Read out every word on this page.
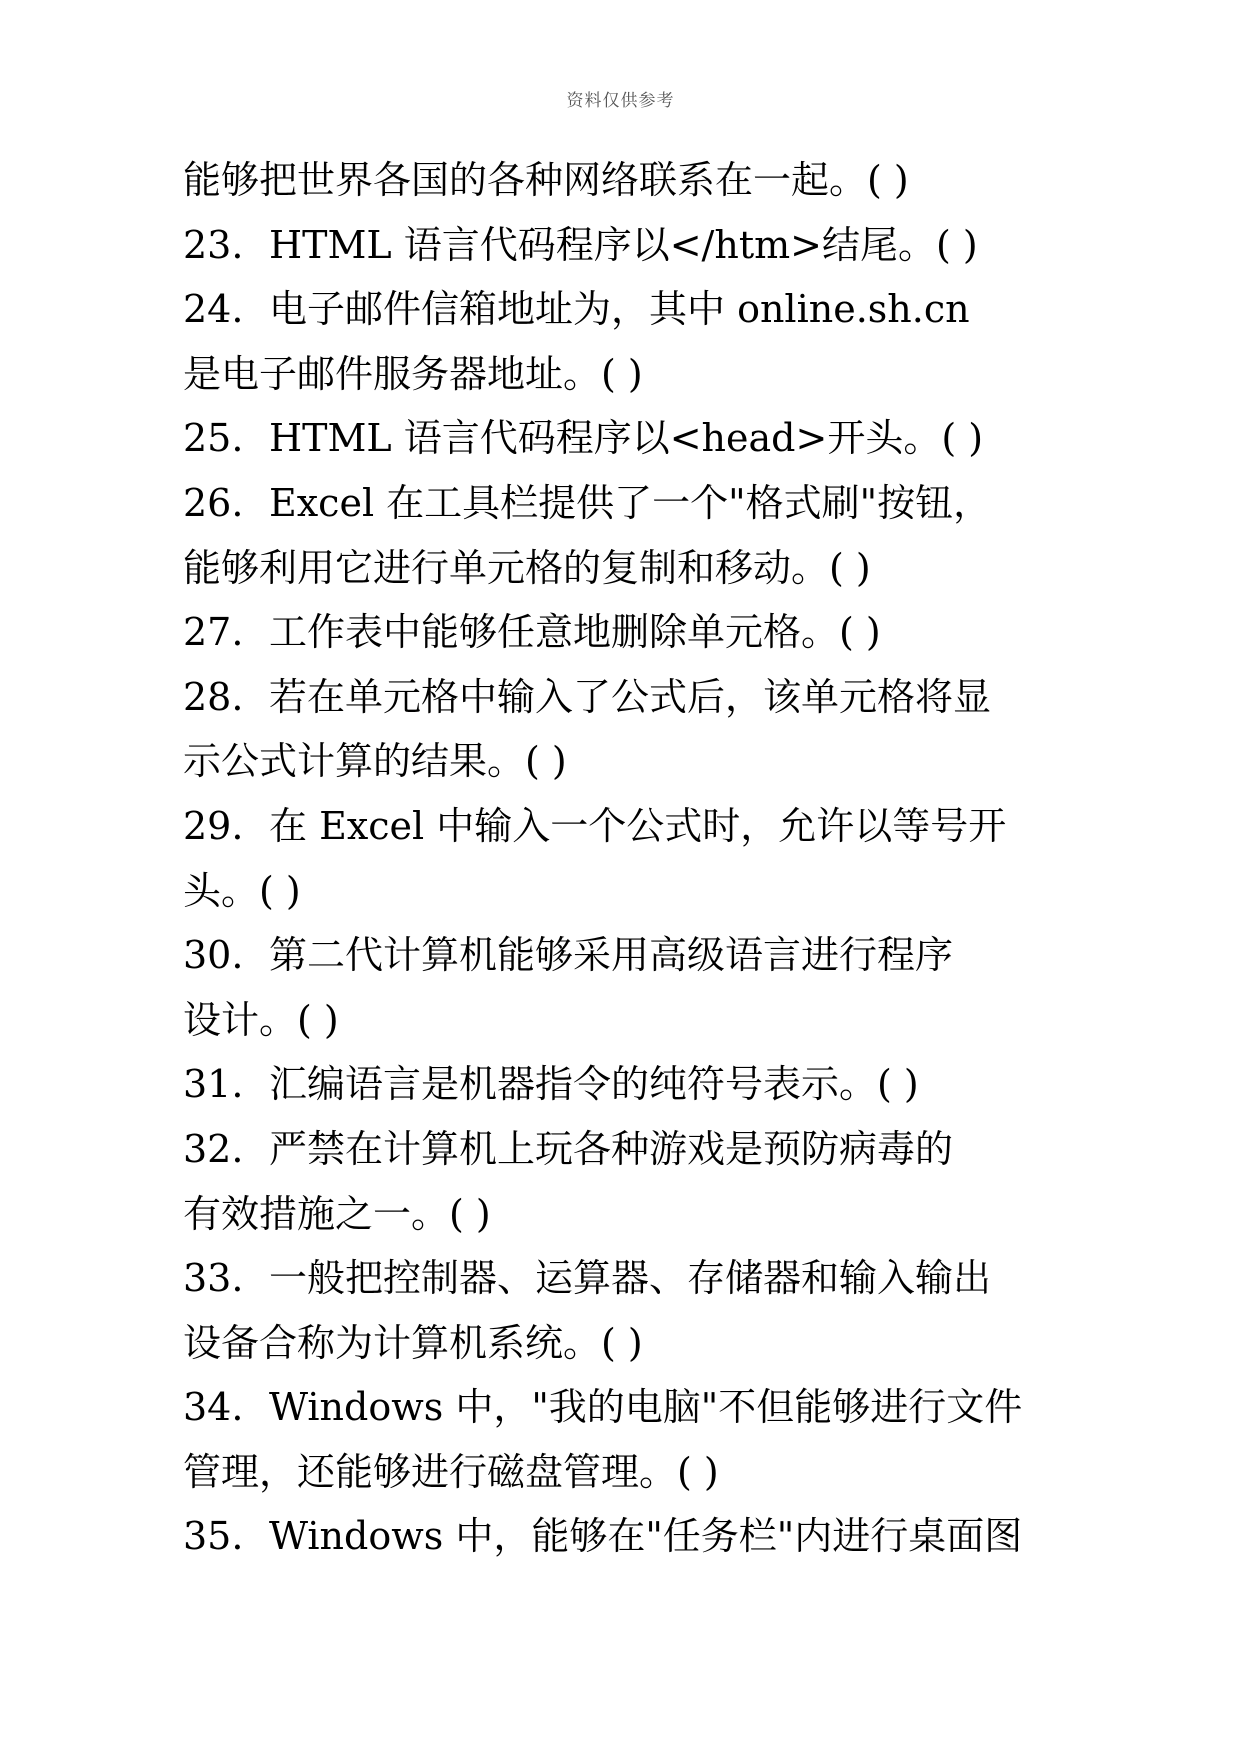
资料仅供参考
能够把世界各国的各种网络联系在一起。( )
23. HTML 语言代码程序以</htm>结尾。( )
24. 电子邮件信箱地址为，其中 online.sh.cn
是电子邮件服务器地址。( )
25. HTML 语言代码程序以<head>开头。( )
26. Excel 在工具栏提供了一个"格式刷"按钮，
能够利用它进行单元格的复制和移动。( )
27. 工作表中能够任意地删除单元格。( )
28. 若在单元格中输入了公式后，该单元格将显
示公式计算的结果。( )
29. 在 Excel 中输入一个公式时，允许以等号开
头。( )
30. 第二代计算机能够采用高级语言进行程序
设计。( )
31. 汇编语言是机器指令的纯符号表示。( )
32. 严禁在计算机上玩各种游戏是预防病毒的
有效措施之一。( )
33. 一般把控制器、运算器、存储器和输入输出
设备合称为计算机系统。( )
34. Windows 中，"我的电脑"不但能够进行文件
管理，还能够进行磁盘管理。( )
35. Windows 中，能够在"任务栏"内进行桌面图
